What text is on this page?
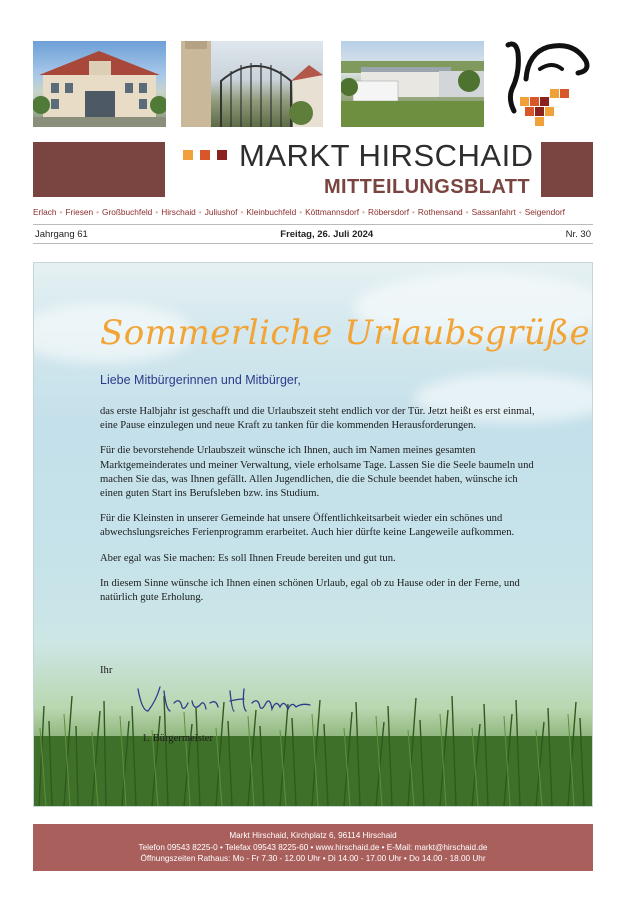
MARKT HIRSCHAID
MITTEILUNGSBLATT
Erlach • Friesen • Großbuchfeld • Hirschaid • Juliushof • Kleinbuchfeld • Köttmannsdorf • Röbersdorf • Rothensand • Sassanfahrt • Seigendorf
Jahrgang 61	Freitag, 26. Juli 2024	Nr. 30
Sommerliche Urlaubsgrüße
Liebe Mitbürgerinnen und Mitbürger,

das erste Halbjahr ist geschafft und die Urlaubszeit steht endlich vor der Tür. Jetzt heißt es erst einmal, eine Pause einzulegen und neue Kraft zu tanken für die kommenden Herausforderungen.

Für die bevorstehende Urlaubszeit wünsche ich Ihnen, auch im Namen meines gesamten Marktgemeinderates und meiner Verwaltung, viele erholsame Tage. Lassen Sie die Seele baumeln und machen Sie das, was Ihnen gefällt. Allen Jugendlichen, die die Schule beendet haben, wünsche ich einen guten Start ins Berufsleben bzw. ins Studium.

Für die Kleinsten in unserer Gemeinde hat unsere Öffentlichkeitsarbeit wieder ein schönes und abwechslungsreiches Ferienprogramm erarbeitet. Auch hier dürfte keine Langeweile aufkommen.

Aber egal was Sie machen: Es soll Ihnen Freude bereiten und gut tun.

In diesem Sinne wünsche ich Ihnen einen schönen Urlaub, egal ob zu Hause oder in der Ferne, und natürlich gute Erholung.

Ihr
1. Bürgermeister
Markt Hirschaid, Kirchplatz 6, 96114 Hirschaid
Telefon 09543 8225-0 • Telefax 09543 8225-60 • www.hirschaid.de • E-Mail: markt@hirschaid.de
Öffnungszeiten Rathaus: Mo - Fr 7.30 - 12.00 Uhr • Di 14.00 - 17.00 Uhr • Do 14.00 - 18.00 Uhr
